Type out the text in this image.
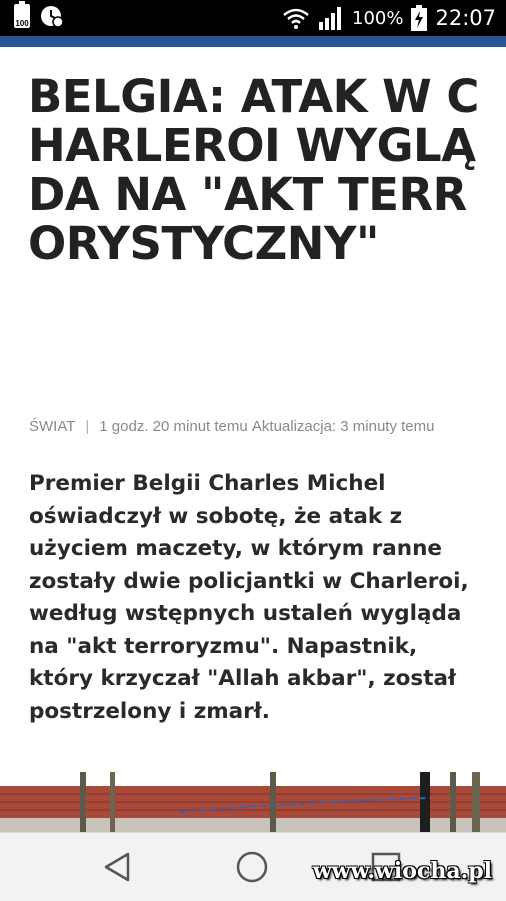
100	100% 22:07
BELGIA: ATAK W CHARLEROI WYGLĄDA NA "AKT TERRORYSTYCZNY"
ŚWIAT | 1 godz. 20 minut temu
Aktualizacja: 3 minuty temu

Premier Belgii Charles Michel oświadczył w sobotę, że atak z użyciem maczety, w którym ranne zostały dwie policjantki w Charleroi, według wstępnych ustaleń wygląda na "akt terroryzmu". Napastnik, który krzyczał "Allah akbar", został postrzelony i zmarł.

www.wiocha.pl
